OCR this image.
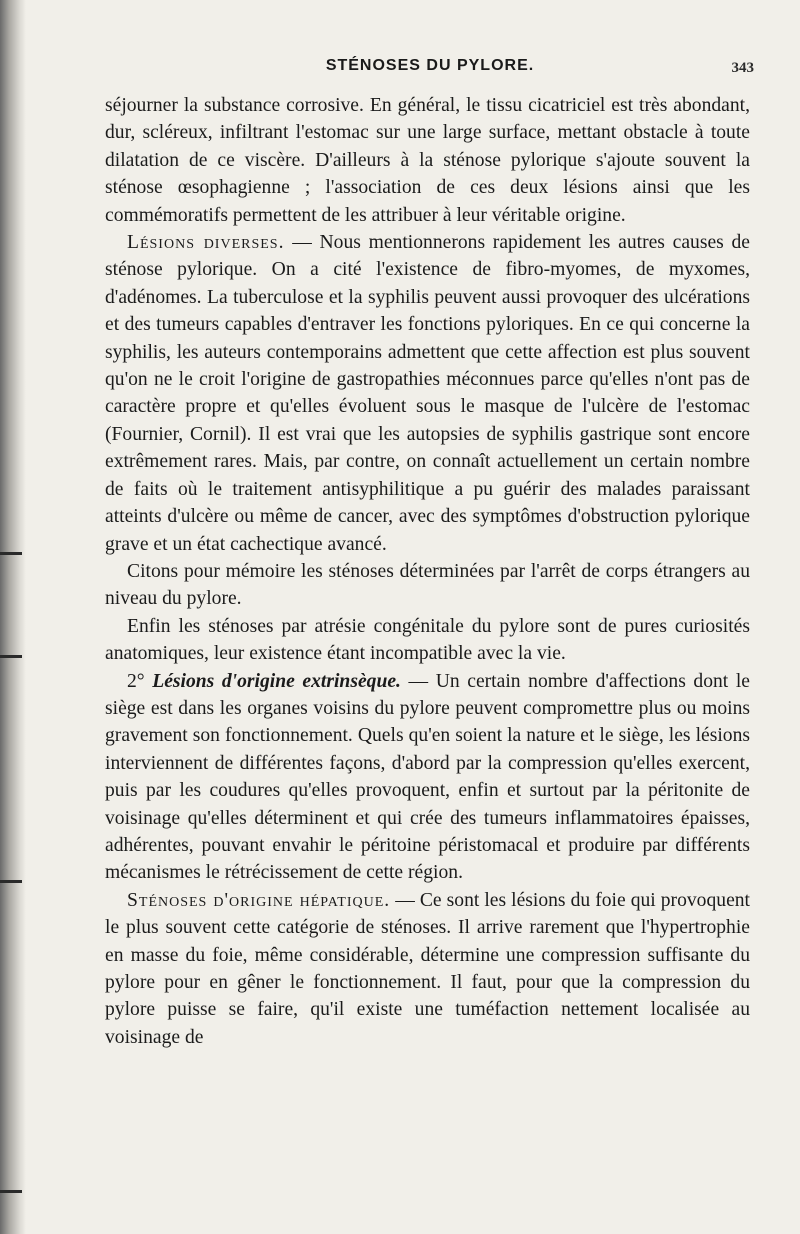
STÉNOSES DU PYLORE.	343

séjourner la substance corrosive. En général, le tissu cicatriciel est très abondant, dur, scléreux, infiltrant l'estomac sur une large surface, mettant obstacle à toute dilatation de ce viscère. D'ailleurs à la sténose pylorique s'ajoute souvent la sténose œsophagienne ; l'association de ces deux lésions ainsi que les commémoratifs permettent de les attribuer à leur véritable origine.

Lésions diverses. — Nous mentionnerons rapidement les autres causes de sténose pylorique. On a cité l'existence de fibro-myomes, de myxomes, d'adénomes. La tuberculose et la syphilis peuvent aussi provoquer des ulcérations et des tumeurs capables d'entraver les fonctions pyloriques. En ce qui concerne la syphilis, les auteurs contemporains admettent que cette affection est plus souvent qu'on ne le croit l'origine de gastropathies méconnues parce qu'elles n'ont pas de caractère propre et qu'elles évoluent sous le masque de l'ulcère de l'estomac (Fournier, Cornil). Il est vrai que les autopsies de syphilis gastrique sont encore extrêmement rares. Mais, par contre, on connaît actuellement un certain nombre de faits où le traitement antisyphilitique a pu guérir des malades paraissant atteints d'ulcère ou même de cancer, avec des symptômes d'obstruction pylorique grave et un état cachectique avancé.

Citons pour mémoire les sténoses déterminées par l'arrêt de corps étrangers au niveau du pylore.

Enfin les sténoses par atrésie congénitale du pylore sont de pures curiosités anatomiques, leur existence étant incompatible avec la vie.

2° Lésions d'origine extrinsèque. — Un certain nombre d'affections dont le siège est dans les organes voisins du pylore peuvent compromettre plus ou moins gravement son fonctionnement. Quels qu'en soient la nature et le siège, les lésions interviennent de différentes façons, d'abord par la compression qu'elles exercent, puis par les coudures qu'elles provoquent, enfin et surtout par la péritonite de voisinage qu'elles déterminent et qui crée des tumeurs inflammatoires épaisses, adhérentes, pouvant envahir le péritoine péristomacal et produire par différents mécanismes le rétrécissement de cette région.

Sténoses d'origine hépatique. — Ce sont les lésions du foie qui provoquent le plus souvent cette catégorie de sténoses. Il arrive rarement que l'hypertrophie en masse du foie, même considérable, détermine une compression suffisante du pylore pour en gêner le fonctionnement. Il faut, pour que la compression du pylore puisse se faire, qu'il existe une tuméfaction nettement localisée au voisinage de
